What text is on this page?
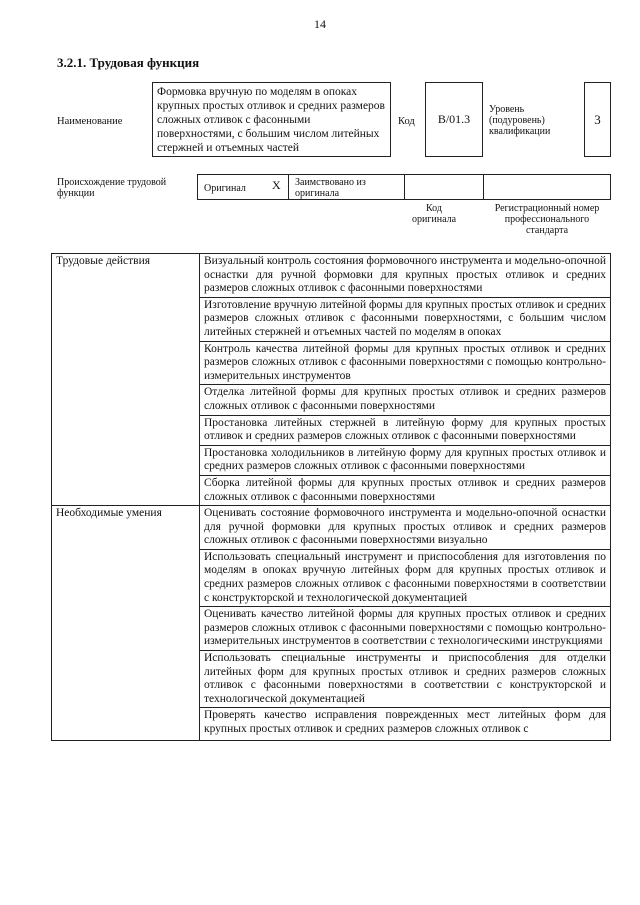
14
3.2.1. Трудовая функция
Наименование
Формовка вручную по моделям в опоках крупных простых отливок и средних размеров сложных отливок с фасонными поверхностями, с большим числом литейных стержней и отъемных частей
Код В/01.3
Уровень (подуровень) квалификации
3
Происхождение трудовой функции	Оригинал X Заимствовано из оригинала
Код оригинала
Регистрационный номер профессионального стандарта
Трудовые действия	Визуальный контроль состояния формовочного инструмента и модельно-опочной оснастки для ручной формовки для крупных простых отливок и средних размеров сложных отливок с фасонными поверхностями
	Изготовление вручную литейной формы для крупных простых отливок и средних размеров сложных отливок с фасонными поверхностями, с большим числом литейных стержней и отъемных частей по моделям в опоках
	Контроль качества литейной формы для крупных простых отливок и средних размеров сложных отливок с фасонными поверхностями с помощью контрольно-измерительных инструментов
	Отделка литейной формы для крупных простых отливок и средних размеров сложных отливок с фасонными поверхностями
	Простановка литейных стержней в литейную форму для крупных простых отливок и средних размеров сложных отливок с фасонными поверхностями
	Простановка холодильников в литейную форму для крупных простых отливок и средних размеров сложных отливок с фасонными поверхностями
	Сборка литейной формы для крупных простых отливок и средних размеров сложных отливок с фасонными поверхностями
Необходимые умения	Оценивать состояние формовочного инструмента и модельно-опочной оснастки для ручной формовки для крупных простых отливок и средних размеров сложных отливок с фасонными поверхностями визуально
	Использовать специальный инструмент и приспособления для изготовления по моделям в опоках вручную литейных форм для крупных простых отливок и средних размеров сложных отливок с фасонными поверхностями в соответствии с конструкторской и технологической документацией
	Оценивать качество литейной формы для крупных простых отливок и средних размеров сложных отливок с фасонными поверхностями с помощью контрольно-измерительных инструментов в соответствии с технологическими инструкциями
	Использовать специальные инструменты и приспособления для отделки литейных форм для крупных простых отливок и средних размеров сложных отливок с фасонными поверхностями в соответствии с конструкторской и технологической документацией
	Проверять качество исправления поврежденных мест литейных форм для крупных простых отливок и средних размеров сложных отливок с
